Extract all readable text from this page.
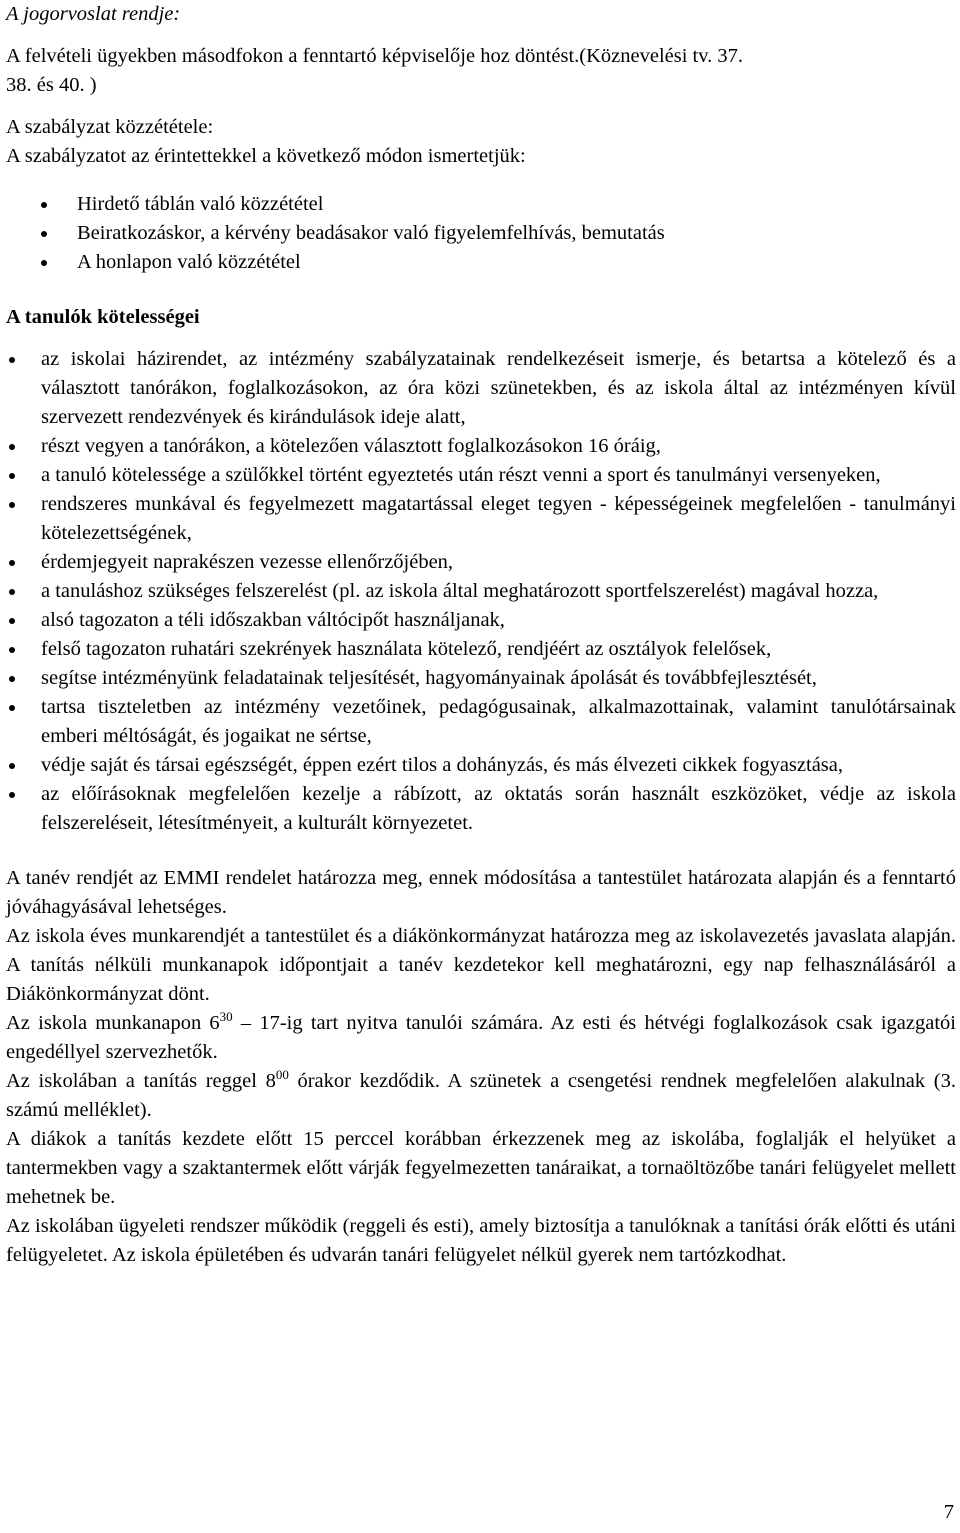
A jogorvoslat rendje:

A felvételi ügyekben másodfokon a fenntartó képviselője hoz döntést.(Köznevelési tv. 37.

38. és 40. )

A szabályzat közzététele:

A szabályzatot az érintettekkel a következő módon ismertetjük:

Hirdető táblán való közzététel
Beiratkozáskor, a kérvény beadásakor való figyelemfelhívás, bemutatás
A honlapon való közzététel

A tanulók kötelességei

az iskolai házirendet, az intézmény szabályzatainak rendelkezéseit ismerje, és betartsa a kötelező és a választott tanórákon, foglalkozásokon, az óra közi szünetekben, és az iskola által az intézményen kívül szervezett rendezvények és kirándulások ideje alatt,
részt vegyen a tanórákon, a kötelezően választott foglalkozásokon 16 óráig,
a tanuló kötelessége a szülőkkel történt egyeztetés után részt venni a sport és tanulmányi versenyeken,
rendszeres munkával és fegyelmezett magatartással eleget tegyen - képességeinek megfelelően - tanulmányi kötelezettségének,
érdemjegyeit naprakészen vezesse ellenőrzőjében,
a tanuláshoz szükséges felszerelést (pl. az iskola által meghatározott sportfelszerelést) magával hozza,
alsó tagozaton a téli időszakban váltócipőt használjanak,
felső tagozaton ruhatári szekrények használata kötelező, rendjéért az osztályok felelősek,
segítse intézményünk feladatainak teljesítését, hagyományainak ápolását és továbbfejlesztését,
tartsa tiszteletben az intézmény vezetőinek, pedagógusainak, alkalmazottainak, valamint tanulótársainak emberi méltóságát, és jogaikat ne sértse,
védje saját és társai egészségét, éppen ezért tilos a dohányzás, és más élvezeti cikkek fogyasztása,
az előírásoknak megfelelően kezelje a rábízott, az oktatás során használt eszközöket, védje az iskola felszereléseit, létesítményeit, a kulturált környezetet.

A tanév rendjét az EMMI rendelet határozza meg, ennek módosítása a tantestület határozata alapján és a fenntartó jóváhagyásával lehetséges.

Az iskola éves munkarendjét a tantestület és a diákönkormányzat határozza meg az iskolavezetés javaslata alapján. A tanítás nélküli munkanapok időpontjait a tanév kezdetekor kell meghatározni, egy nap felhasználásáról a Diákönkormányzat dönt.

Az iskola munkanapon $6^{30} - 17-ig$ tart nyitva tanulói számára. Az esti és hétvégi foglalkozások csak igazgatói engedéllyel szervezhetők.

Az iskolában a tanítás reggel $8^{00}$ órakor kezdődik. A szünetek a csengetési rendnek megfelelően alakulnak (3. számú melléklet).

A diákok a tanítás kezdete előtt 15 perccel korábban érkezzenek meg az iskolába, foglalják el helyüket a tantermekben vagy a szaktantermek előtt várják fegyelmezetten tanáraikat, a tornaöltözőbe tanári felügyelet mellett mehetnek be.

Az iskolában ügyeleti rendszer működik (reggeli és esti), amely biztosítja a tanulóknak a tanítási órák előtti és utáni felügyeletet. Az iskola épületében és udvarán tanári felügyelet nélkül gyerek nem tartózkodhat.

7
